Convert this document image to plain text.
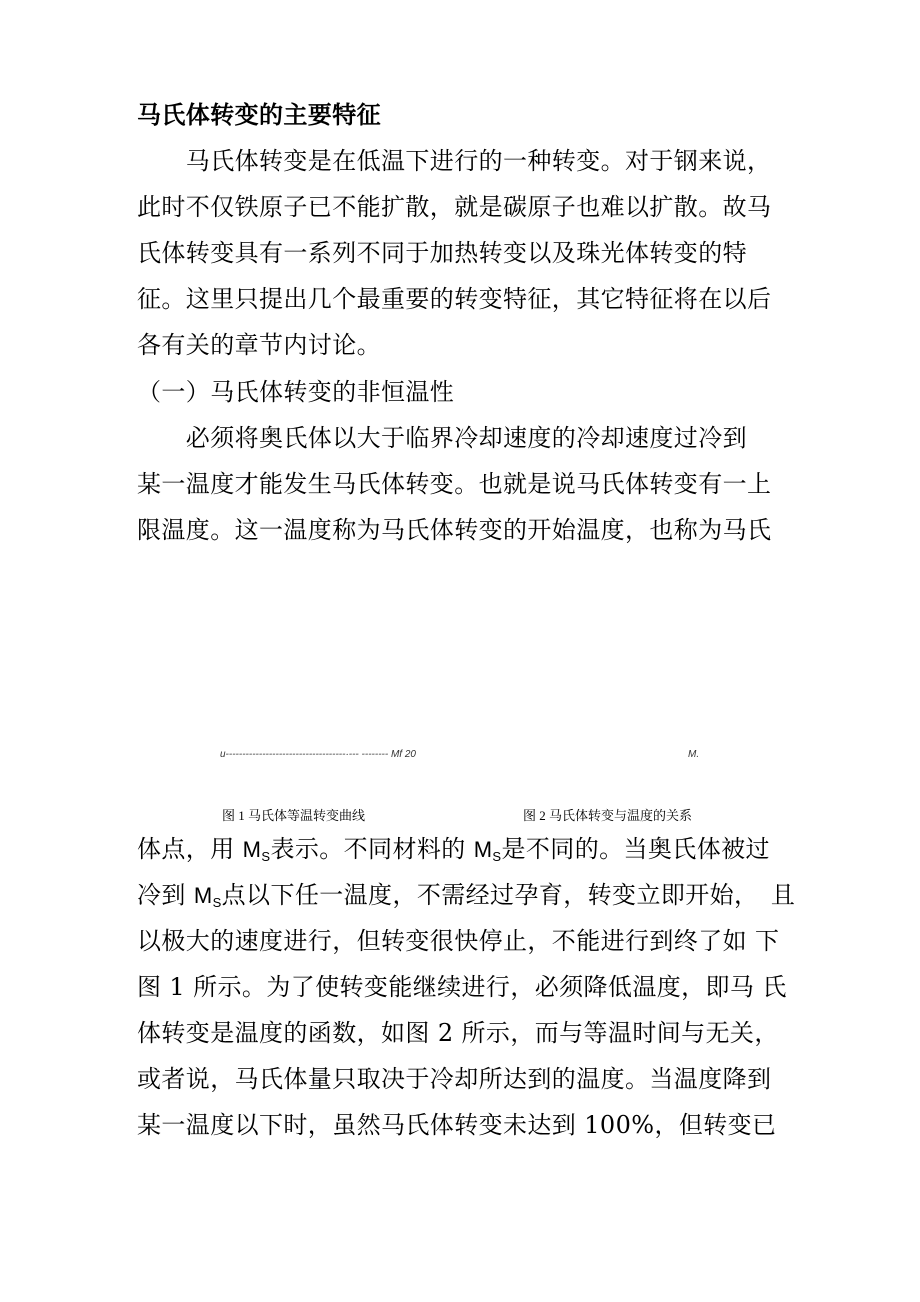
马氏体转变的主要特征
　　马氏体转变是在低温下进行的一种转变。对于钢来说，
此时不仅铁原子已不能扩散，就是碳原子也难以扩散。故马
氏体转变具有一系列不同于加热转变以及珠光体转变的特
征。这里只提出几个最重要的转变特征，其它特征将在以后
各有关的章节内讨论。
（一）马氏体转变的非恒温性
　　必须将奥氏体以大于临界冷却速度的冷却速度过冷到
某一温度才能发生马氏体转变。也就是说马氏体转变有一上
限温度。这一温度称为马氏体转变的开始温度，也称为马氏
u------------------------------------·--- -------- Mf 20	M.
图 1 马氏体等温转变曲线	图 2 马氏体转变与温度的关系
体点，用 $M_S$表示。不同材料的 $M_S$是不同的。当奥氏体被过
冷到 $M_S$点以下任一温度，不需经过孕育，转变立即开始，　且
以极大的速度进行，但转变很快停止，不能进行到终了如 下
图 1 所示。为了使转变能继续进行，必须降低温度，即马 氏
体转变是温度的函数，如图 2 所示，而与等温时间与无关，
或者说，马氏体量只取决于冷却所达到的温度。当温度降到
某一温度以下时，虽然马氏体转变未达到 100%，但转变已
